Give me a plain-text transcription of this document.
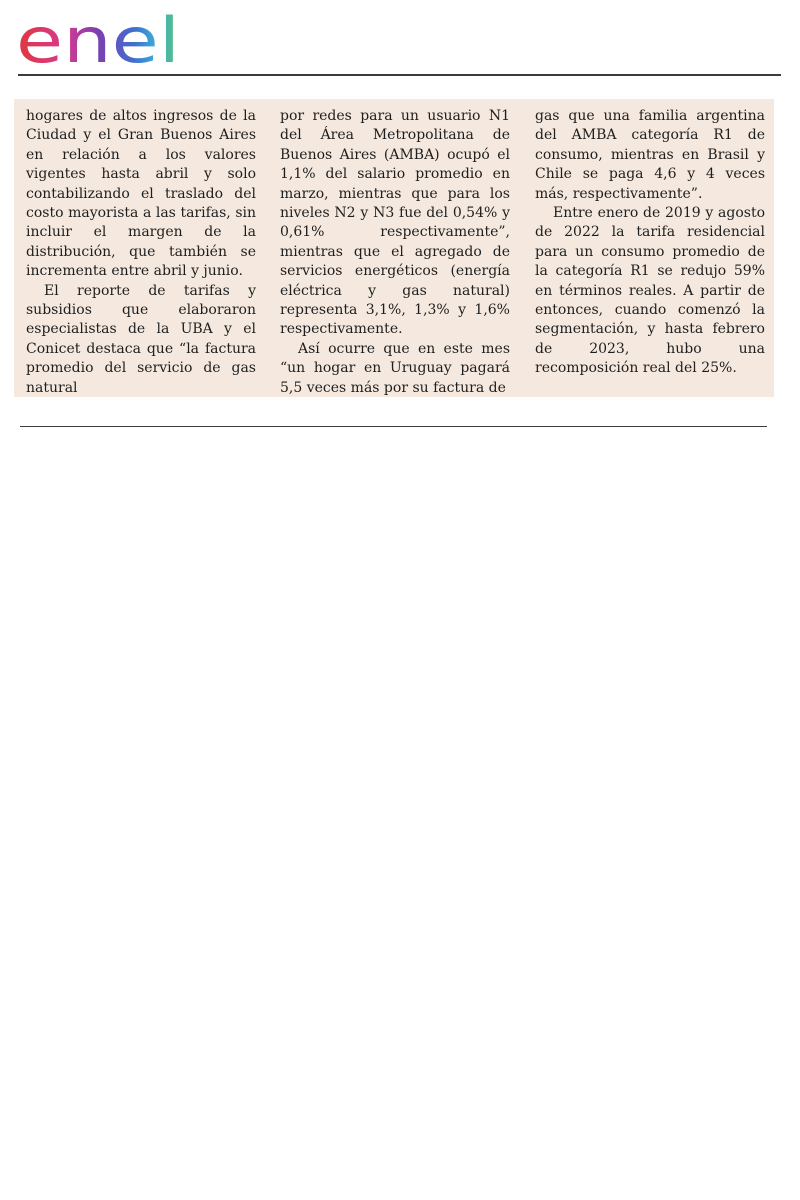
enel

hogares de altos ingresos de la Ciudad y el Gran Buenos Aires en relación a los valores vigentes hasta abril y solo contabilizando el traslado del costo mayorista a las tarifas, sin incluir el margen de la distribución, que también se incrementa entre abril y junio.

El reporte de tarifas y subsidios que elaboraron especialistas de la UBA y el Conicet destaca que “la factura promedio del servicio de gas natural

por redes para un usuario N1 del Área Metropolitana de Buenos Aires (AMBA) ocupó el 1,1% del salario promedio en marzo, mientras que para los niveles N2 y N3 fue del 0,54% y 0,61% respectivamente”, mientras que el agregado de servicios energéticos (energía eléctrica y gas natural) representa 3,1%, 1,3% y 1,6% respectivamente.

Así ocurre que en este mes “un hogar en Uruguay pagará 5,5 veces más por su factura de

gas que una familia argentina del AMBA categoría R1 de consumo, mientras en Brasil y Chile se paga 4,6 y 4 veces más, respectivamente”.

Entre enero de 2019 y agosto de 2022 la tarifa residencial para un consumo promedio de la categoría R1 se redujo 59% en términos reales. A partir de entonces, cuando comenzó la segmentación, y hasta febrero de 2023, hubo una recomposición real del 25%.
